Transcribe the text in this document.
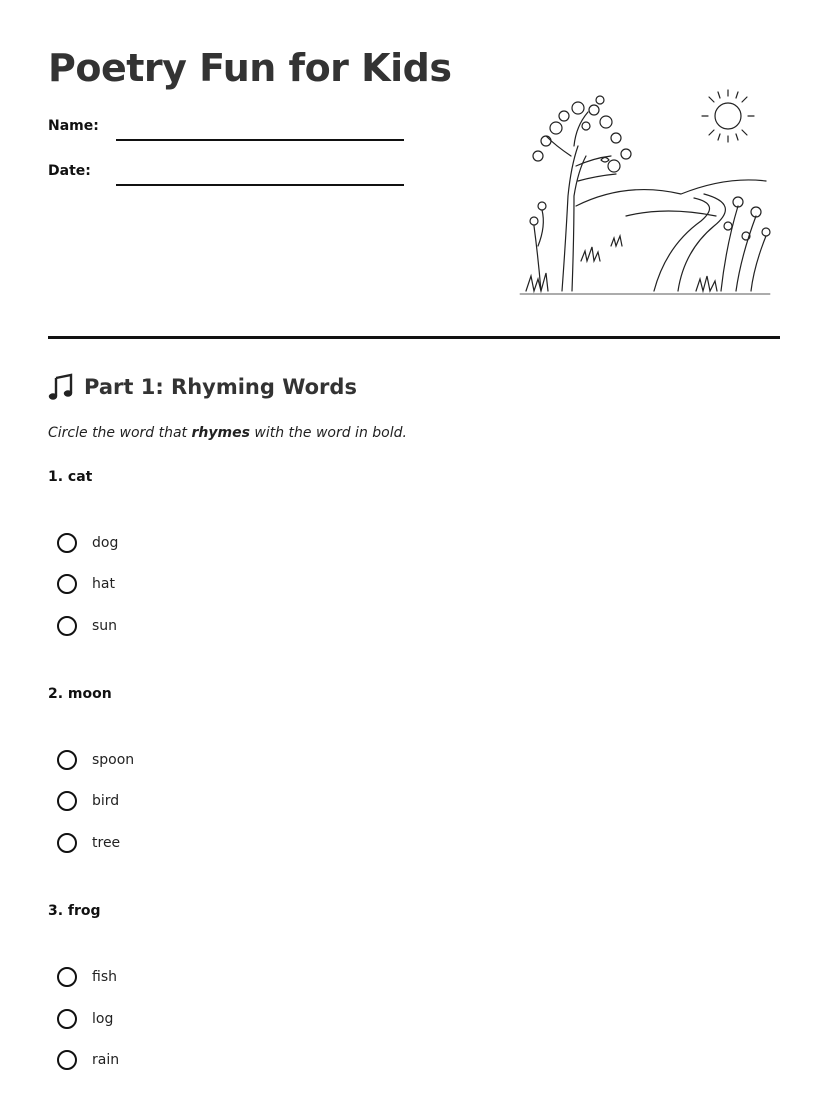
Poetry Fun for Kids
Name:
Date:
Part 1: Rhyming Words
Circle the word that rhymes with the word in bold.
1. cat
dog
hat
sun
2. moon
spoon
bird
tree
3. frog
fish
log
rain
